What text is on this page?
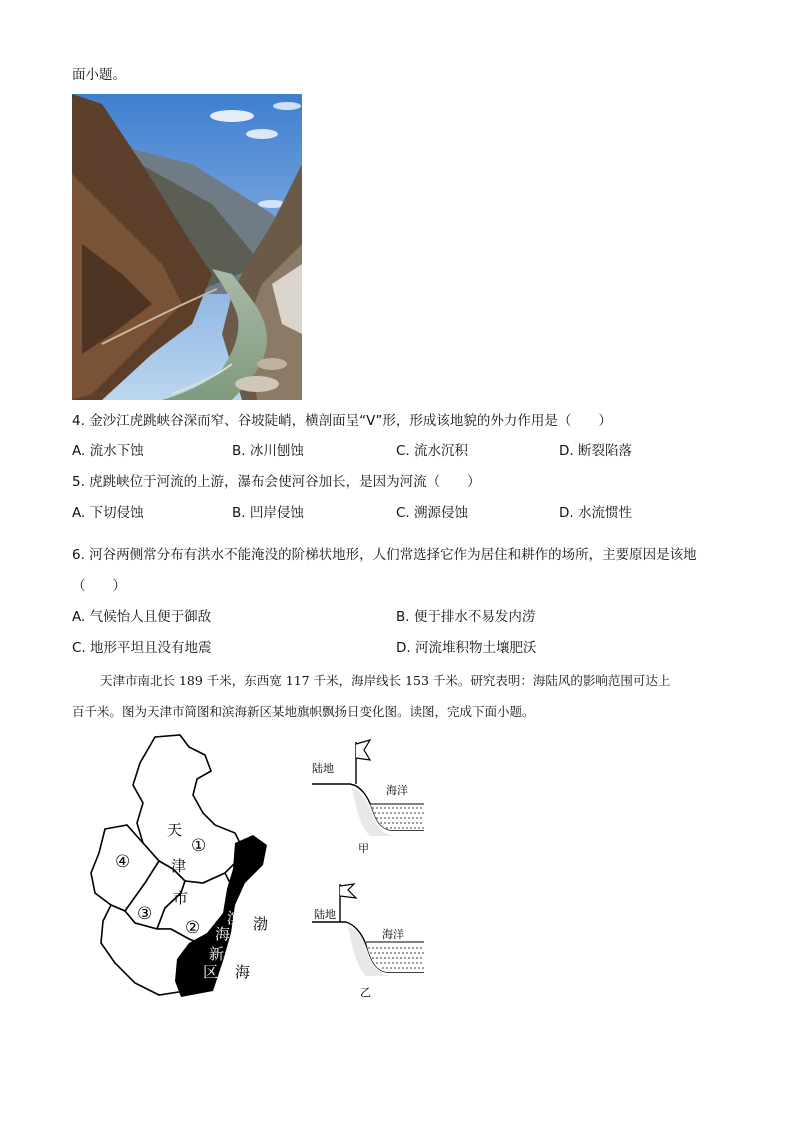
面小题。
4. 金沙江虎跳峡谷深而窄、谷坡陡峭，横剖面呈“V”形，形成该地貌的外力作用是（　　）
A. 流水下蚀	B. 冰川刨蚀	C. 流水沉积	D. 断裂陷落
5. 虎跳峡位于河流的上游，瀑布会使河谷加长，是因为河流（　　）
A. 下切侵蚀	B. 凹岸侵蚀	C. 溯源侵蚀	D. 水流惯性
6. 河谷两侧常分布有洪水不能淹没的阶梯状地形，人们常选择它作为居住和耕作的场所，主要原因是该地
（　　）
A. 气候怡人且便于御敌	B. 便于排水不易发内涝
C. 地形平坦且没有地震	D. 河流堆积物土壤肥沃
天津市南北长 189 千米，东西宽 117 千米，海岸线长 153 千米。研究表明：海陆风的影响范围可达上
百千米。图为天津市简图和滨海新区某地旗帜飘扬日变化图。读图，完成下面小题。
天
津
市
①
②
③
④
滨
海
新
区
渤
海
陆地
海洋
甲
陆地
海洋
乙
